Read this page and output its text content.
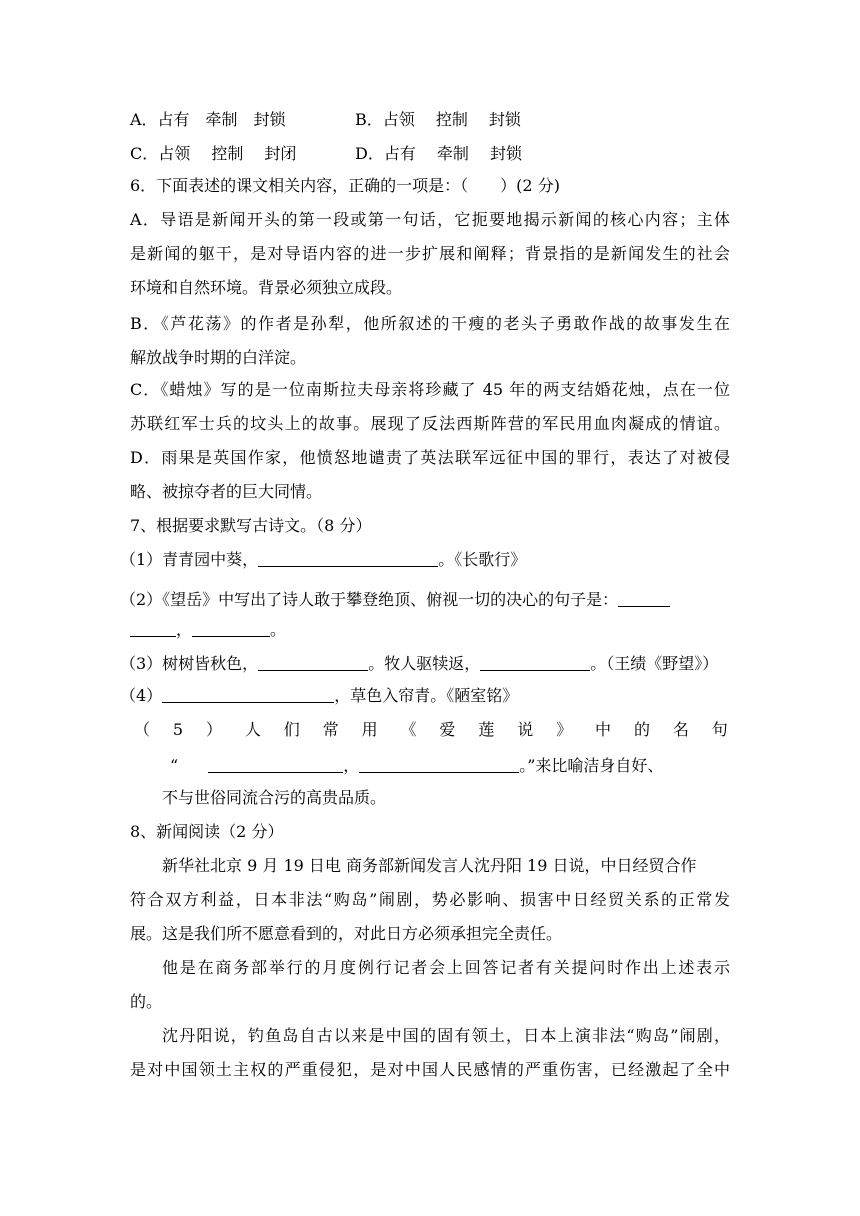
A．占有　牵制　封锁	B．占领　 控制　 封锁
C．占领　 控制　 封闭	D．占有　 牵制　 封锁
6．下面表述的课文相关内容，正确的一项是：（　　）(2 分)
A．导语是新闻开头的第一段或第一句话，它扼要地揭示新闻的核心内容；主体
是新闻的躯干，是对导语内容的进一步扩展和阐释；背景指的是新闻发生的社会
环境和自然环境。背景必须独立成段。
B．《芦花荡》的作者是孙犁，他所叙述的干瘦的老头子勇敢作战的故事发生在
解放战争时期的白洋淀。
C．《蜡烛》写的是一位南斯拉夫母亲将珍藏了 45 年的两支结婚花烛，点在一位
苏联红军士兵的坟头上的故事。展现了反法西斯阵营的军民用血肉凝成的情谊。
D．雨果是英国作家，他愤怒地谴责了英法联军远征中国的罪行，表达了对被侵
略、被掠夺者的巨大同情。
7、根据要求默写古诗文。（8 分）
（1）青青园中葵，	。《长歌行》
（2）《望岳》中写出了诗人敢于攀登绝顶、俯视一切的决心的句子是：
，	。
（3）树树皆秋色，	。牧人驱犊返，	。（王绩《野望》）
（4）	，草色入帘青。《陋室铭》
（ 5 ） 人 们 常 用 《 爱 莲 说 》 中 的 名 句
“	，	。”来比喻洁身自好、
不与世俗同流合污的高贵品质。
8、新闻阅读（2 分）
新华社北京 9 月 19 日电 商务部新闻发言人沈丹阳 19 日说，中日经贸合作
符合双方利益，日本非法“购岛”闹剧，势必影响、损害中日经贸关系的正常发
展。这是我们所不愿意看到的，对此日方必须承担完全责任。
他是在商务部举行的月度例行记者会上回答记者有关提问时作出上述表示
的。
沈丹阳说，钓鱼岛自古以来是中国的固有领土，日本上演非法“购岛”闹剧，
是对中国领土主权的严重侵犯，是对中国人民感情的严重伤害，已经激起了全中
